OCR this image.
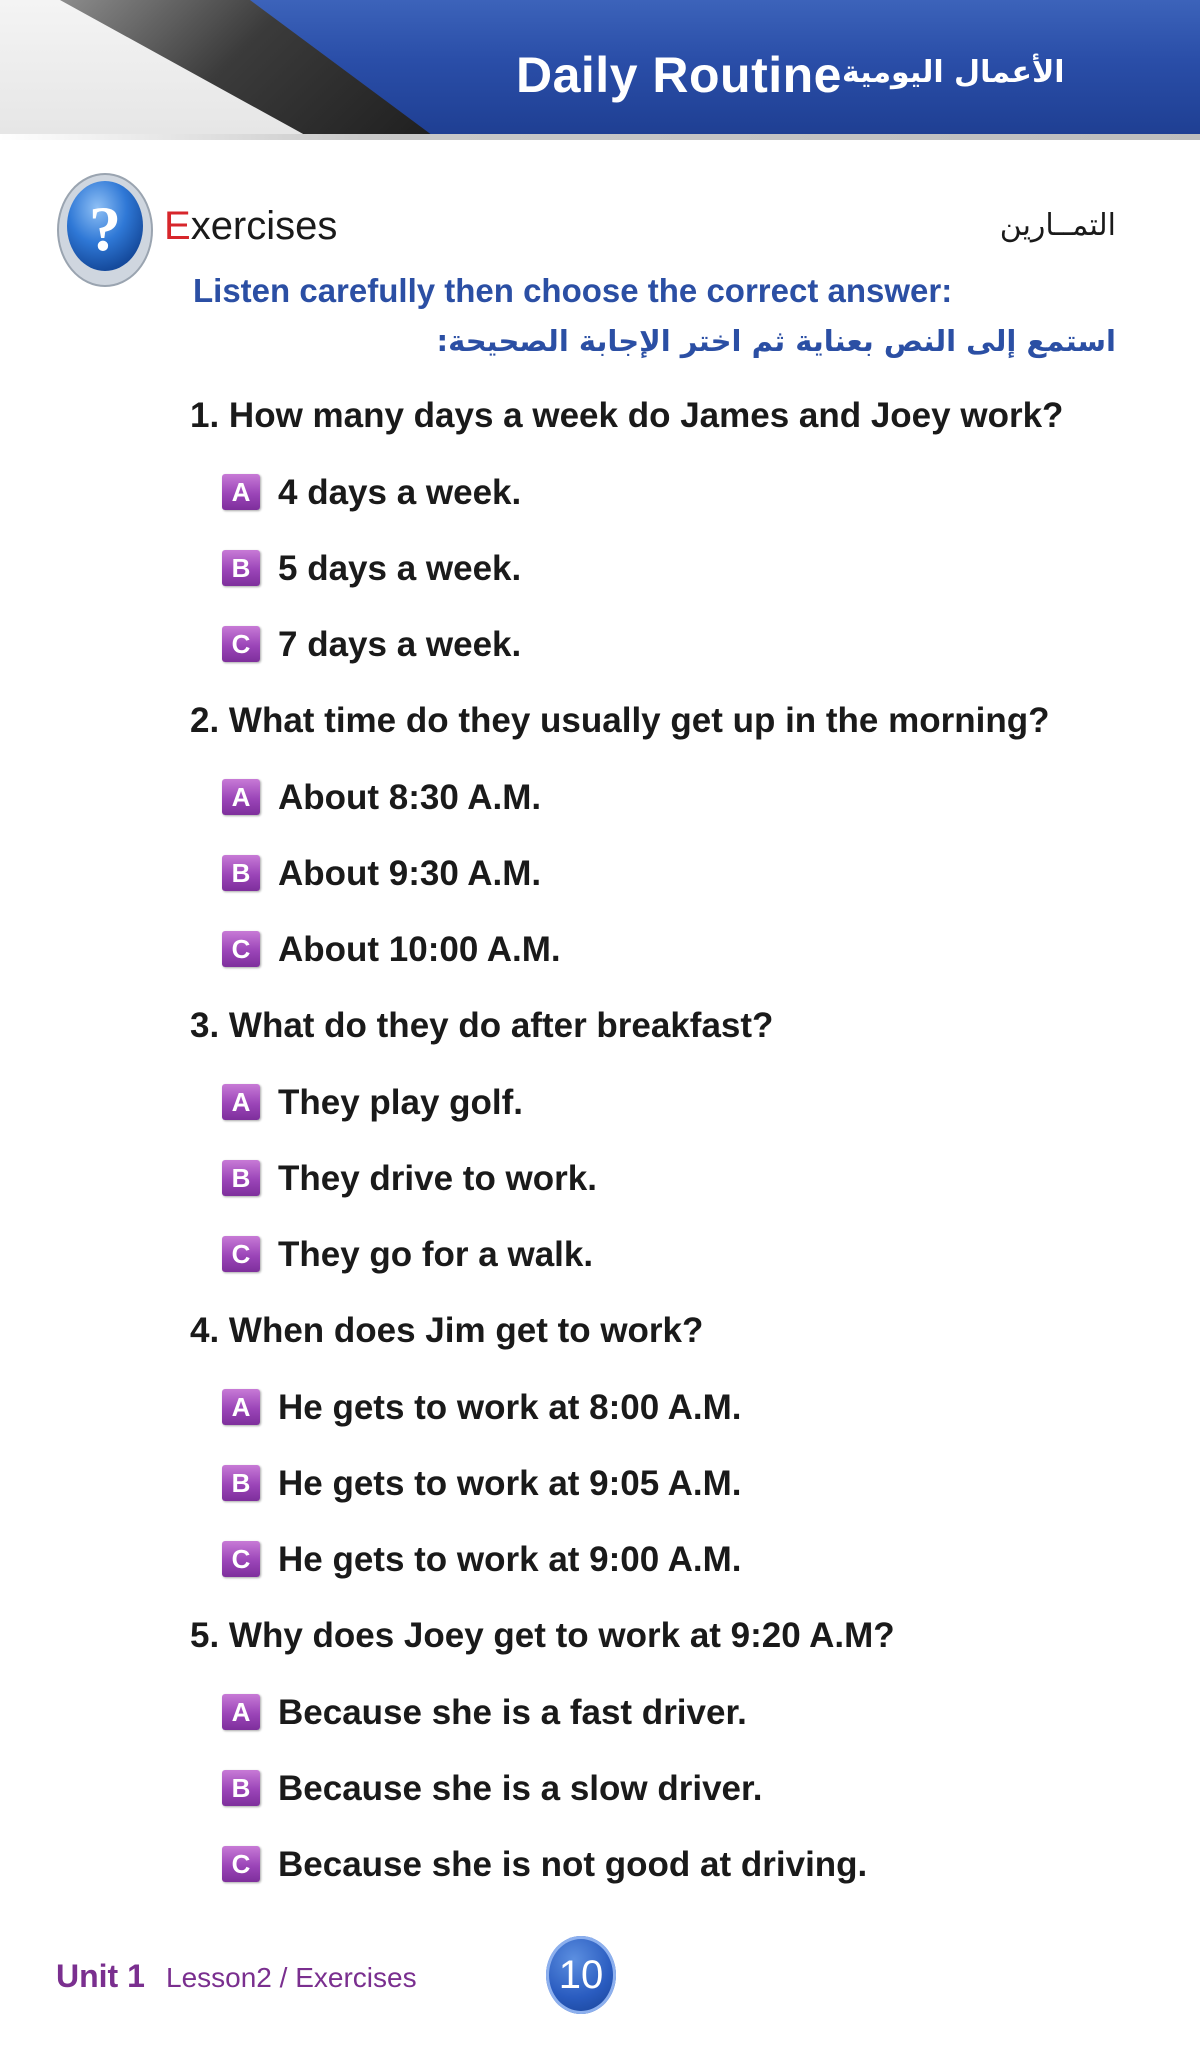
Daily Routine الأعمال اليومية
? Exercises	التمــارين
Listen carefully then choose the correct answer:
استمع إلى النص بعناية ثم اختر الإجابة الصحيحة:
1. How many days a week do James and Joey work?
A 4 days a week.
B 5 days a week.
C 7 days a week.
2. What time do they usually get up in the morning?
A About 8:30 A.M.
B About 9:30 A.M.
C About 10:00 A.M.
3. What do they do after breakfast?
A They play golf.
B They drive to work.
C They go for a walk.
4. When does Jim get to work?
A He gets to work at 8:00 A.M.
B He gets to work at 9:05 A.M.
C He gets to work at 9:00 A.M.
5. Why does Joey get to work at 9:20 A.M?
A Because she is a fast driver.
B Because she is a slow driver.
C Because she is not good at driving.
Unit 1 Lesson2 / Exercises	10
